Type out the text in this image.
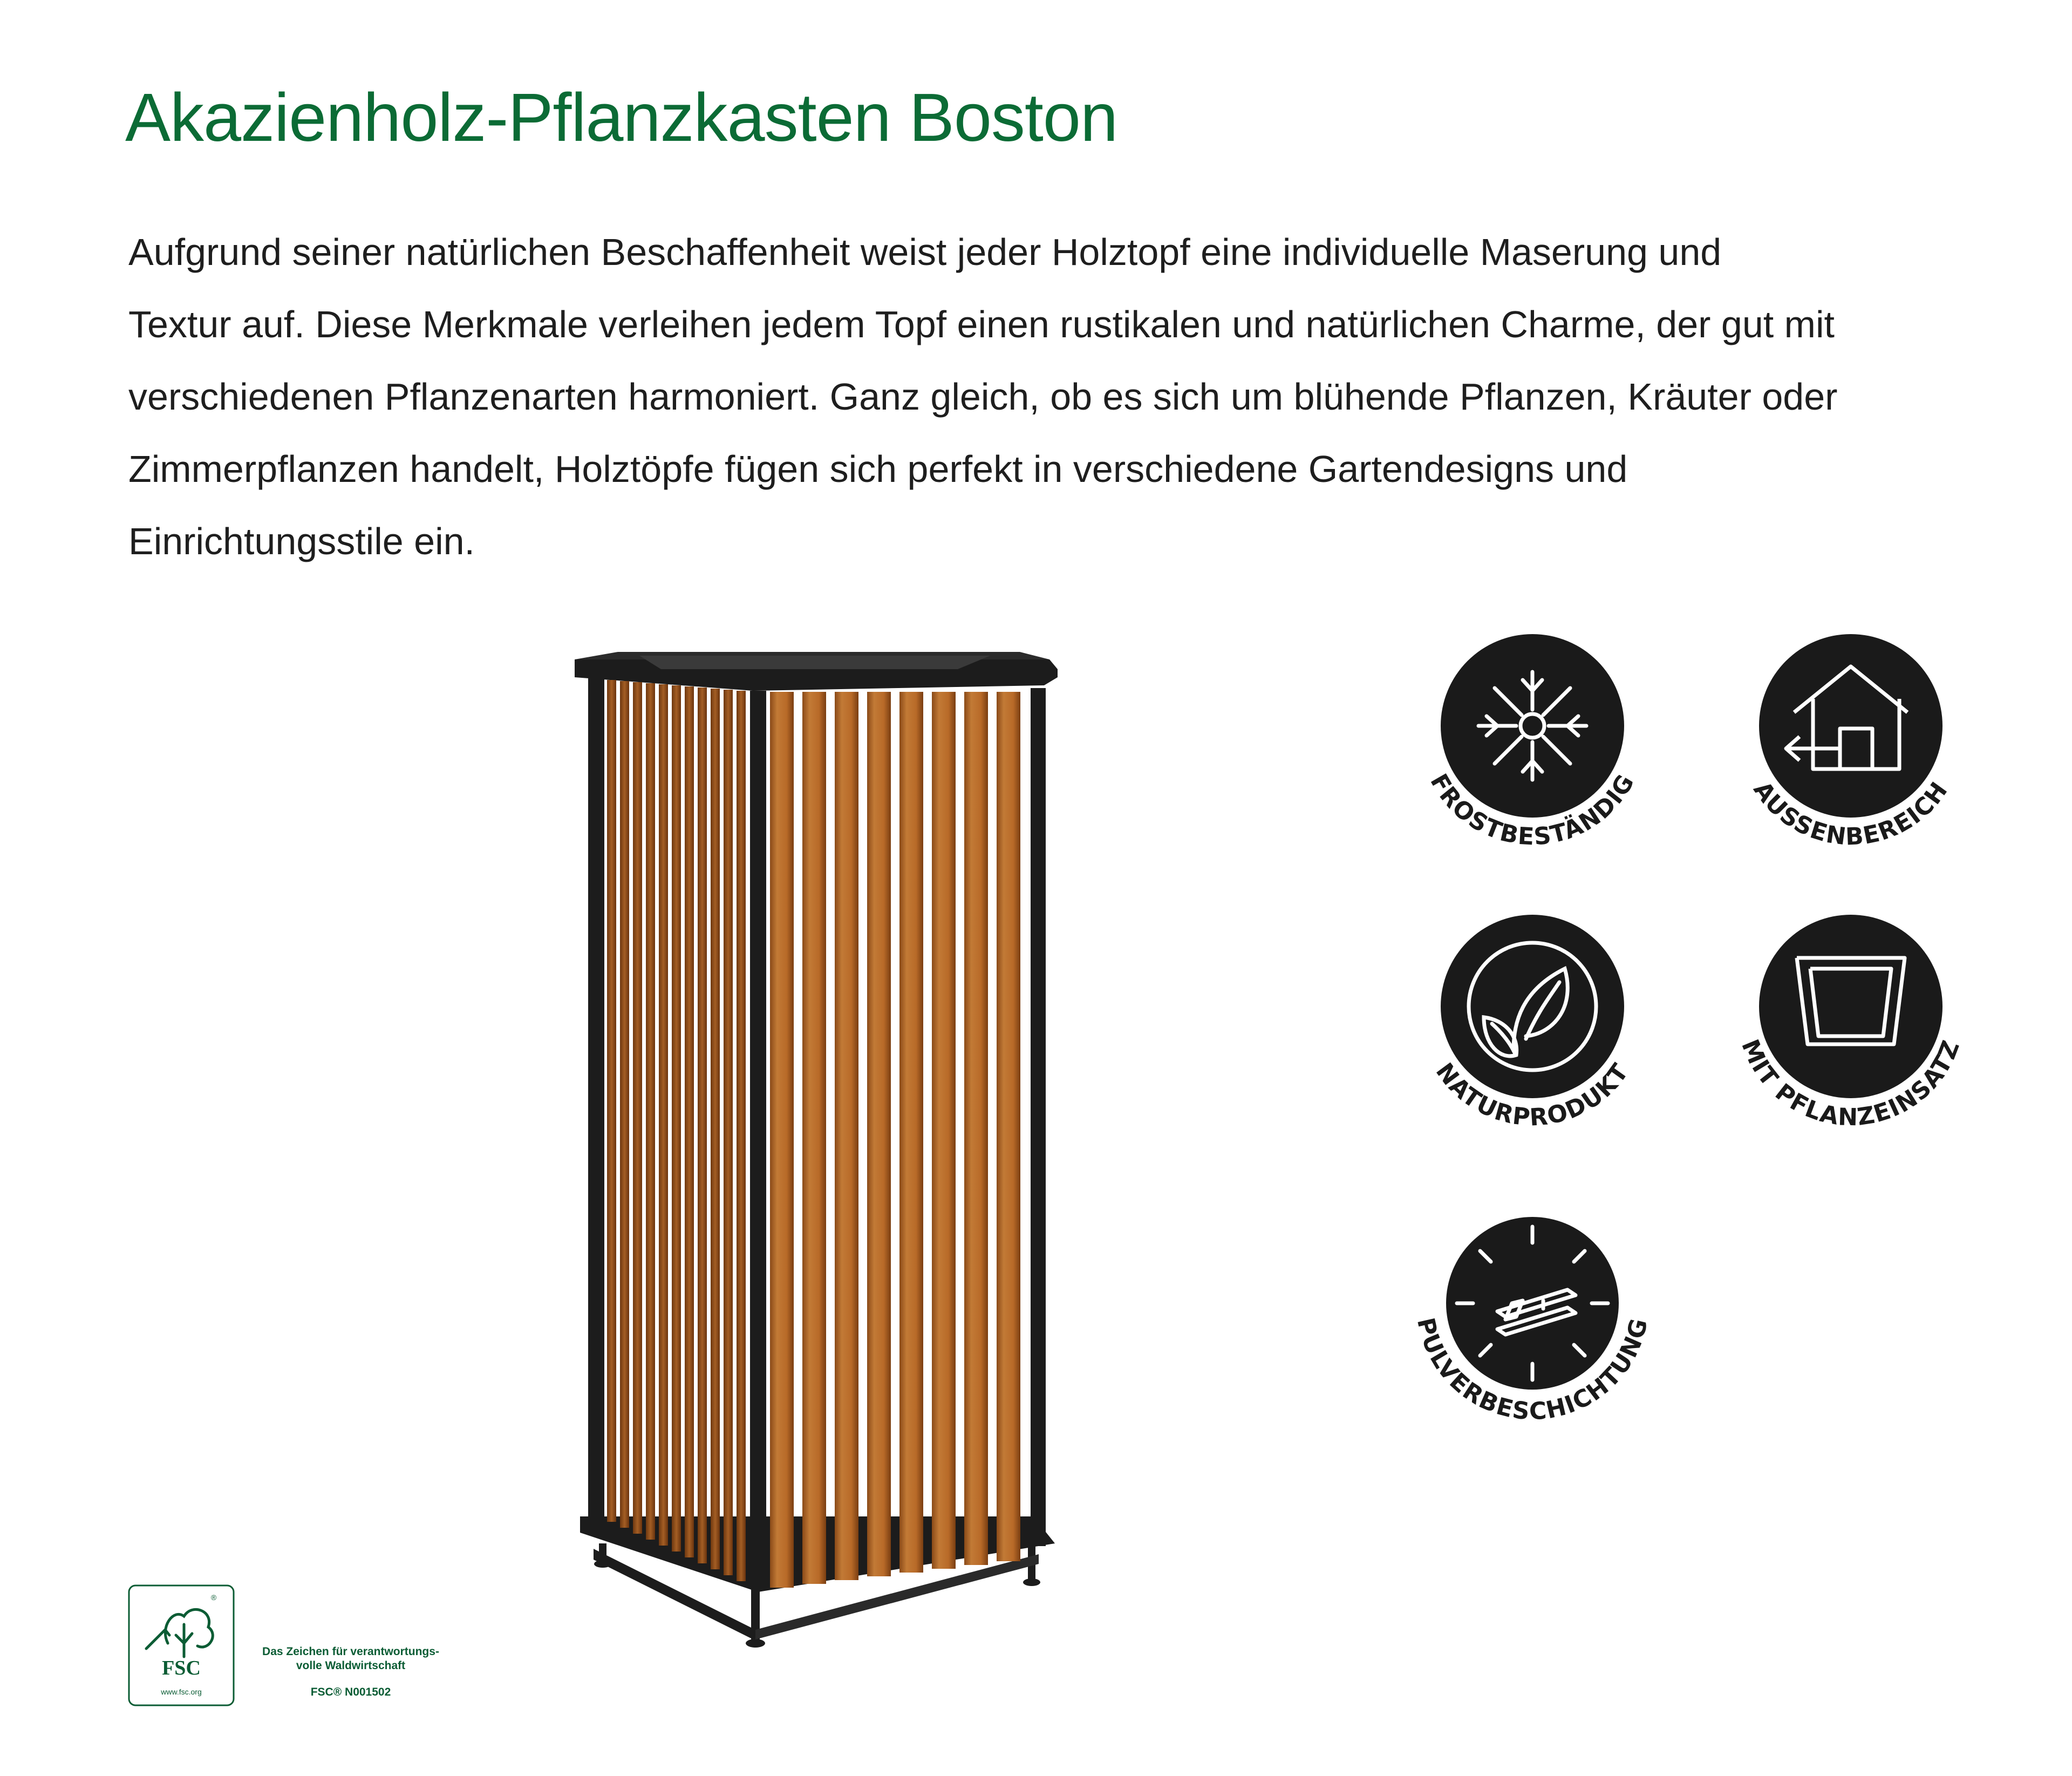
Akazienholz-Pflanzkasten Boston

Aufgrund seiner natürlichen Beschaffenheit weist jeder Holztopf eine individuelle Maserung und

Textur auf. Diese Merkmale verleihen jedem Topf einen rustikalen und natürlichen Charme, der gut mit

verschiedenen Pflanzenarten harmoniert. Ganz gleich, ob es sich um blühende Pflanzen, Kräuter oder

Zimmerpflanzen handelt, Holztöpfe fügen sich perfekt in verschiedene Gartendesigns und

Einrichtungsstile ein.

FROSTBESTÄNDIG	AUSSENBEREICH
NATURPRODUKT
MIT PFLANZEINSATZ
PULVERBESCHICHTUNG
FSC
www.fsc.org
®
Das Zeichen für verantwortungs-
volle Waldwirtschaft
FSC® N001502
